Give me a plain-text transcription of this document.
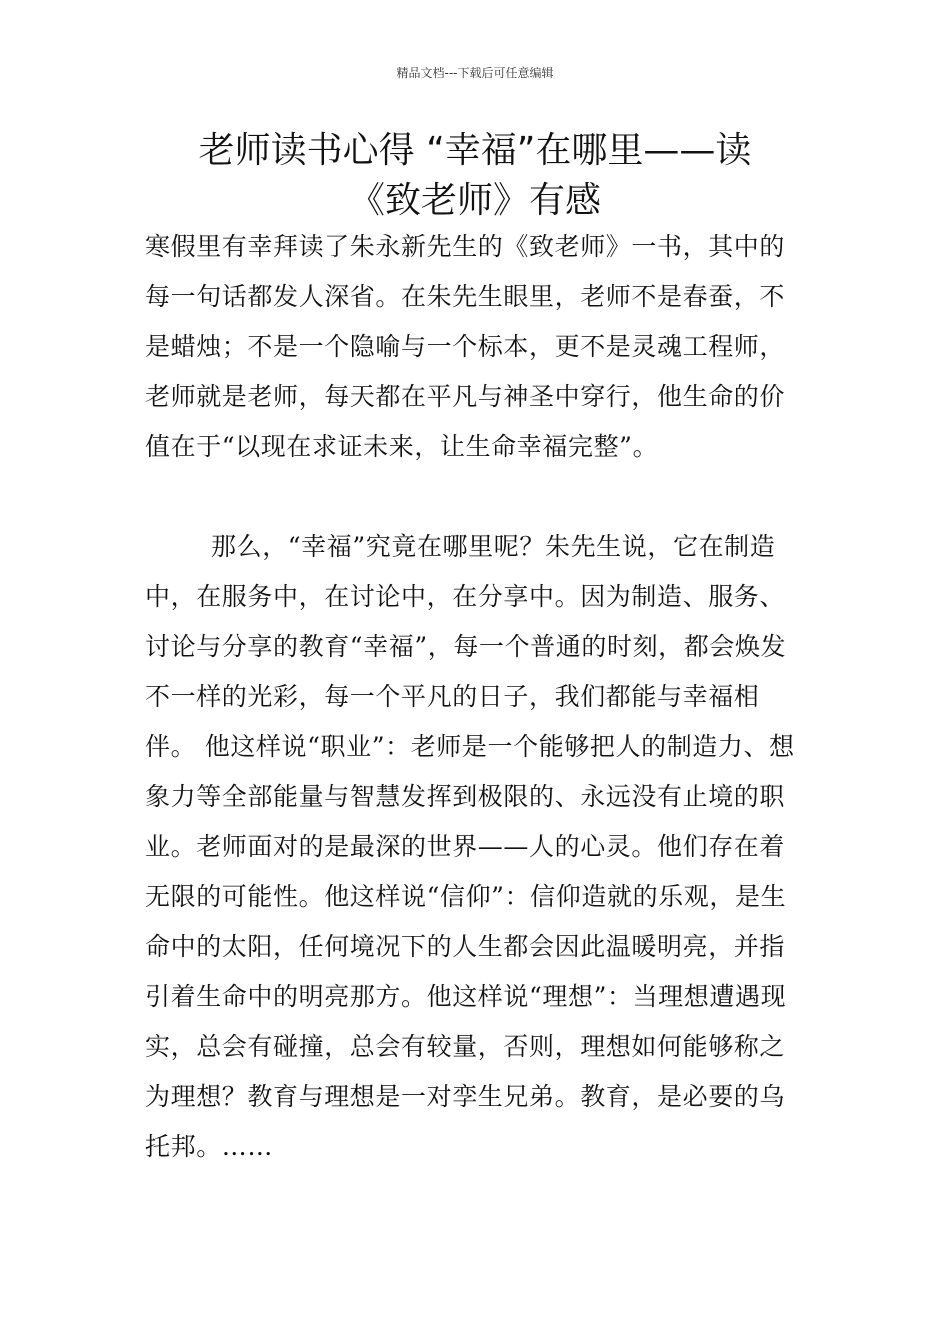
精品文档---下载后可任意编辑
老师读书心得 “幸福”在哪里——读
《致老师》有感

寒假里有幸拜读了朱永新先生的《致老师》一书，其中的每一句话都发人深省。在朱先生眼里，老师不是春蚕，不是蜡烛；不是一个隐喻与一个标本，更不是灵魂工程师，老师就是老师，每天都在平凡与神圣中穿行，他生命的价值在于“以现在求证未来，让生命幸福完整”。

那么，“幸福”究竟在哪里呢？朱先生说，它在制造中，在服务中，在讨论中，在分享中。因为制造、服务、讨论与分享的教育“幸福”，每一个普通的时刻，都会焕发不一样的光彩，每一个平凡的日子，我们都能与幸福相伴。 他这样说“职业”：老师是一个能够把人的制造力、想象力等全部能量与智慧发挥到极限的、永远没有止境的职业。老师面对的是最深的世界——人的心灵。他们存在着无限的可能性。他这样说“信仰”：信仰造就的乐观，是生命中的太阳，任何境况下的人生都会因此温暖明亮，并指引着生命中的明亮那方。他这样说“理想”：当理想遭遇现实，总会有碰撞，总会有较量，否则，理想如何能够称之为理想？教育与理想是一对孪生兄弟。教育，是必要的乌托邦。……
